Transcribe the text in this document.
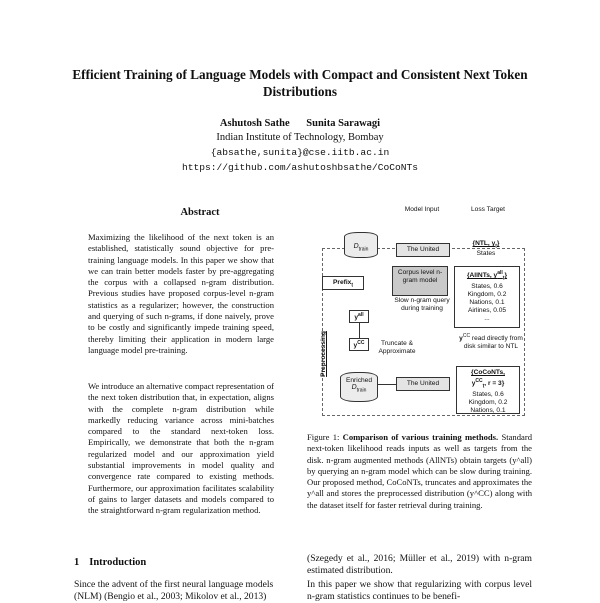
Efficient Training of Language Models with Compact and Consistent Next Token Distributions
Ashutosh Sathe Sunita Sarawagi
Indian Institute of Technology, Bombay
{absathe,sunita}@cse.iitb.ac.in
https://github.com/ashutoshbsathe/CoCoNTs
Abstract
Maximizing the likelihood of the next token is an established, statistically sound objective for pre-training language models. In this paper we show that we can train better models faster by pre-aggregating the corpus with a collapsed n-gram distribution. Previous studies have proposed corpus-level n-gram statistics as a regularizer; however, the construction and querying of such n-grams, if done naively, prove to be costly and significantly impede training speed, thereby limiting their application in modern large language model pre-training.
We introduce an alternative compact representation of the next token distribution that, in expectation, aligns with the complete n-gram distribution while markedly reducing variance across mini-batches compared to the standard next-token loss. Empirically, we demonstrate that both the n-gram regularized model and our approximation yield substantial improvements in model quality and convergence rate compared to existing methods. Furthermore, our approximation facilitates scalability of gains to larger datasets and models compared to the straightforward n-gram regularization method.
1 Introduction
Since the advent of the first neural language models (NLM) (Bengio et al., 2003; Mikolov et al., 2013)
Model Input	Loss Target
$D_{train}$	The United
{NTL, $y_t$}
States
Prefix$_t$
Corpus level n-gram model
Slow n-gram query during training
{AllNTs, $y^{all}_t$}
States, 0.6
Kingdom, 0.2
Nations, 0.1
Airlines, 0.05
...
$y^{all}$
$y^{CC}$	Truncate & Approximate
$y^{CC}$ read directly from disk similar to NTL
Preprocessing
Enriched
$D_{train}$
The United
{CoCoNTs,
$y^{CC}_t$, r = 3}
States, 0.6
Kingdom, 0.2
Nations, 0.1
Figure 1: Comparison of various training methods. Standard next-token likelihood reads inputs as well as targets from the disk. n-gram augmented methods (AllNTs) obtain targets (y^all) by querying an n-gram model which can be slow during training. Our proposed method, CoCoNTs, truncates and approximates the y^all and stores the preprocessed distribution (y^CC) along with the dataset itself for faster retrieval during training.
(Szegedy et al., 2016; Müller et al., 2019) with n-gram estimated distribution.
In this paper we show that regularizing with corpus level n-gram statistics continues to be benefi-
